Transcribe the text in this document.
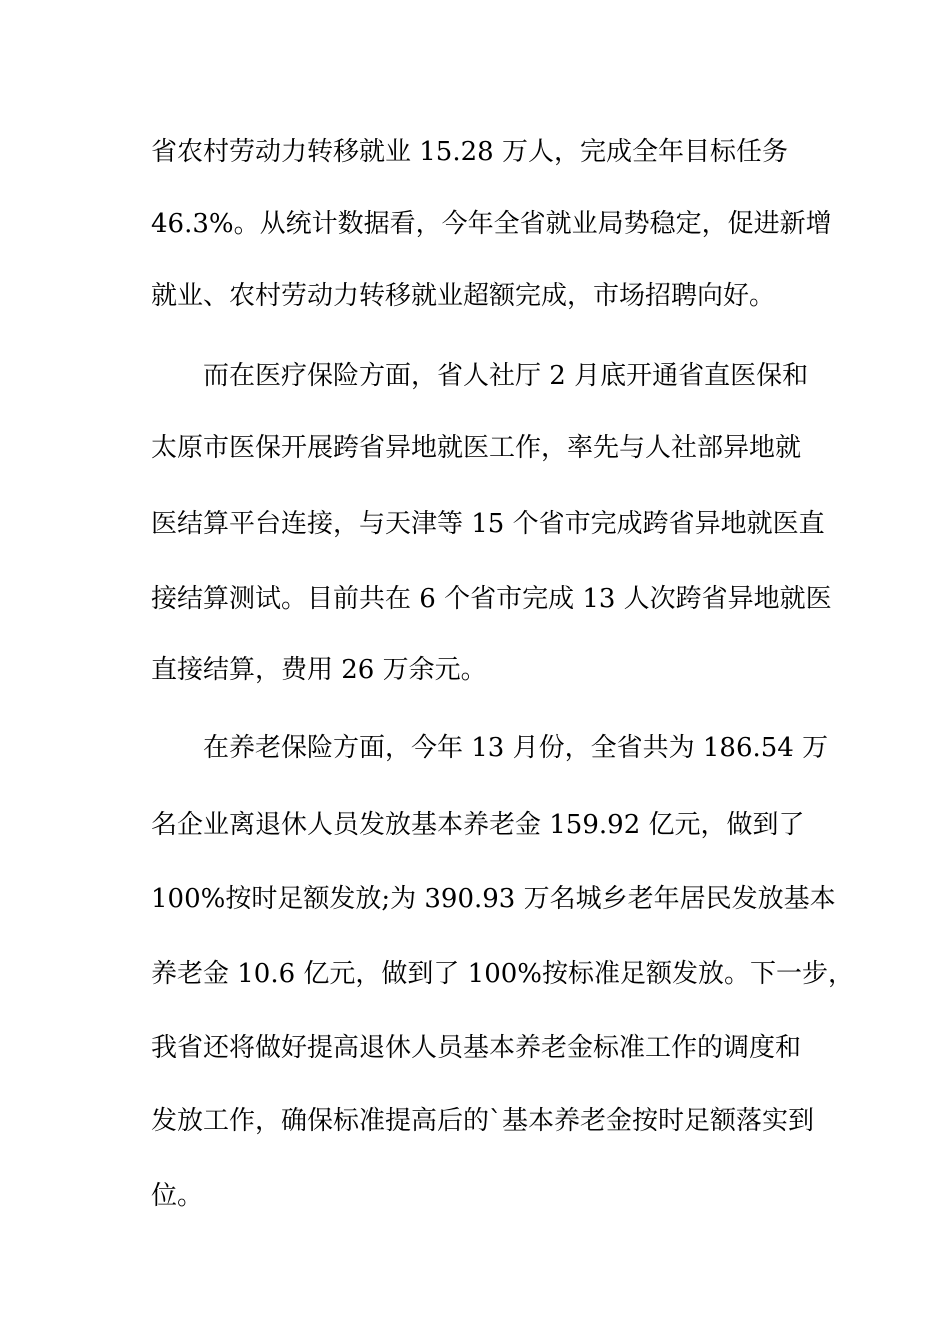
省农村劳动力转移就业 15.28 万人，完成全年目标任务
46.3%。从统计数据看，今年全省就业局势稳定，促进新增
就业、农村劳动力转移就业超额完成，市场招聘向好。
而在医疗保险方面，省人社厅 2 月底开通省直医保和
太原市医保开展跨省异地就医工作，率先与人社部异地就
医结算平台连接，与天津等 15 个省市完成跨省异地就医直
接结算测试。目前共在 6 个省市完成 13 人次跨省异地就医
直接结算，费用 26 万余元。
在养老保险方面，今年 13 月份，全省共为 186.54 万
名企业离退休人员发放基本养老金 159.92 亿元，做到了
100%按时足额发放;为 390.93 万名城乡老年居民发放基本
养老金 10.6 亿元，做到了 100%按标准足额发放。下一步，
我省还将做好提高退休人员基本养老金标准工作的调度和
发放工作，确保标准提高后的`基本养老金按时足额落实到
位。
